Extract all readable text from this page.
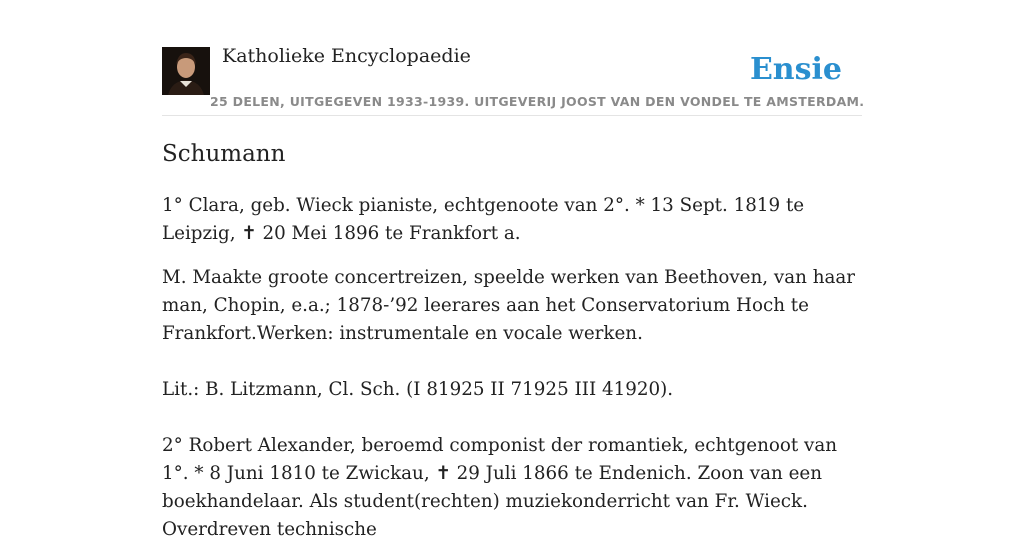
Katholieke Encyclopaedie
25 DELEN, UITGEGEVEN 1933-1939. UITGEVERIJ JOOST VAN DEN VONDEL TE AMSTERDAM.
Ensie
Schumann

1° Clara, geb. Wieck pianiste, echtgenoote van 2°. * 13 Sept. 1819 te Leipzig, ✝ 20 Mei 1896 te Frankfort a.

M. Maakte groote concertreizen, speelde werken van Beethoven, van haar man, Chopin, e.a.; 1878-’92 leerares aan het Conservatorium Hoch te Frankfort.Werken: instrumentale en vocale werken.

Lit.: B. Litzmann, Cl. Sch. (I 81925 II 71925 III 41920).

2° Robert Alexander, beroemd componist der romantiek, echtgenoot van 1°. * 8 Juni 1810 te Zwickau, ✝ 29 Juli 1866 te Endenich. Zoon van een boekhandelaar. Als student(rechten) muziekonderricht van Fr. Wieck. Overdreven technische
